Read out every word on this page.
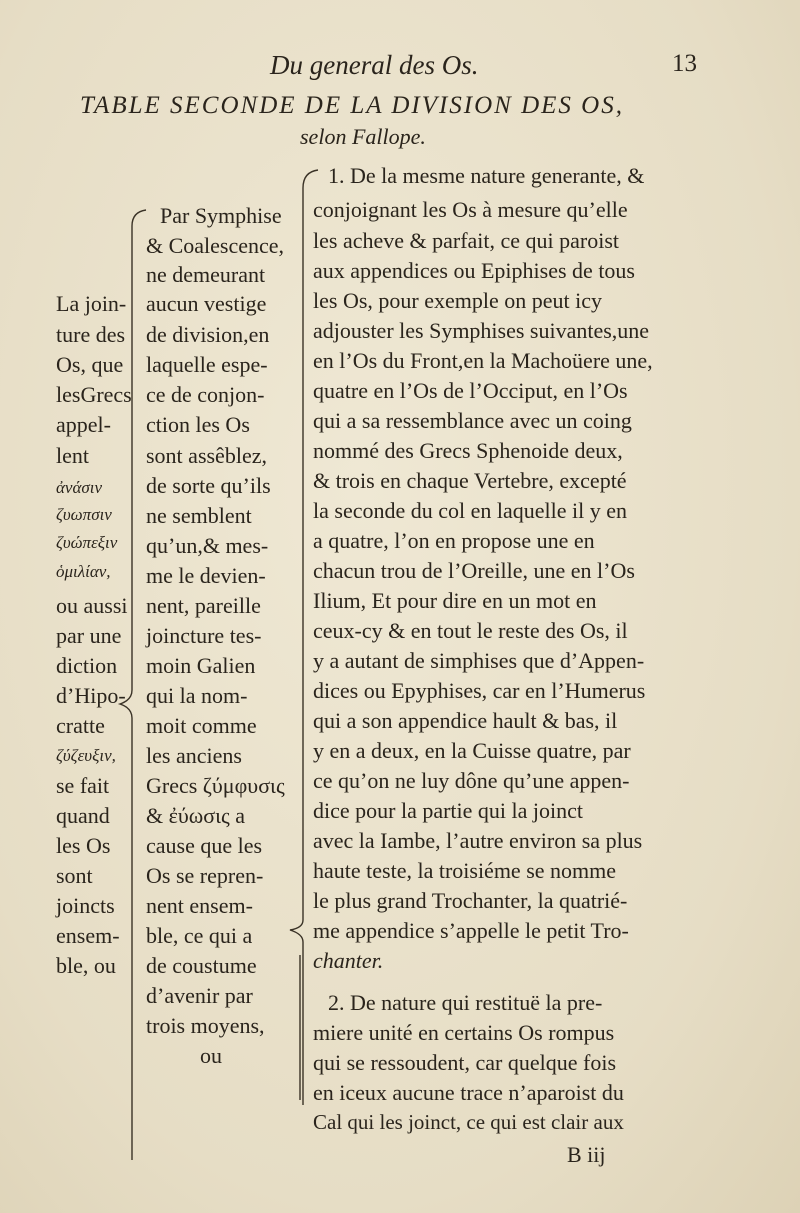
Du general des Os.	13
TABLE SECONDE DE LA DIVISION DES OS,
selon Fallope.
La join-
ture des
Os, que
lesGrecs
appel-
lent
ἀνάσιν
ζυωπσιν
ζυώπεξιν
ὁμιλίαν,
ou aussi
par une
diction
d’Hipo-
cratte
ζύζευξιν,
se fait
quand
les Os
sont
joincts
ensem-
ble, ou
Par Symphise
& Coalescence,
ne demeurant
aucun vestige
de division,en
laquelle espe-
ce de conjon-
ction les Os
sont assêblez,
de sorte qu’ils
ne semblent
qu’un,& mes-
me le devien-
nent, pareille
joincture tes-
moin Galien
qui la nom-
moit comme
les anciens
Grecs ζύμφυσις
& ἐύωσις a
cause que les
Os se repren-
nent ensem-
ble, ce qui a
de coustume
d’avenir par
trois moyens,
ou
1. De la mesme nature generante, &
conjoignant les Os à mesure qu’elle
les acheve & parfait, ce qui paroist
aux appendices ou Epiphises de tous
les Os, pour exemple on peut icy
adjouster les Symphises suivantes,une
en l’Os du Front,en la Machoüere une,
quatre en l’Os de l’Occiput, en l’Os
qui a sa ressemblance avec un coing
nommé des Grecs Sphenoide deux,
& trois en chaque Vertebre, excepté
la seconde du col en laquelle il y en
a quatre, l’on en propose une en
chacun trou de l’Oreille, une en l’Os
Ilium, Et pour dire en un mot en
ceux-cy & en tout le reste des Os, il
y a autant de simphises que d’Appen-
dices ou Epyphises, car en l’Humerus
qui a son appendice hault & bas, il
y en a deux, en la Cuisse quatre, par
ce qu’on ne luy dône qu’une appen-
dice pour la partie qui la joinct
avec la Iambe, l’autre environ sa plus
haute teste, la troisiéme se nomme
le plus grand Trochanter, la quatrié-
me appendice s’appelle le petit Tro-
chanter.
2. De nature qui restituë la pre-
miere unité en certains Os rompus
qui se ressoudent, car quelque fois
en iceux aucune trace n’aparoist du
Cal qui les joinct, ce qui est clair aux
B iij
